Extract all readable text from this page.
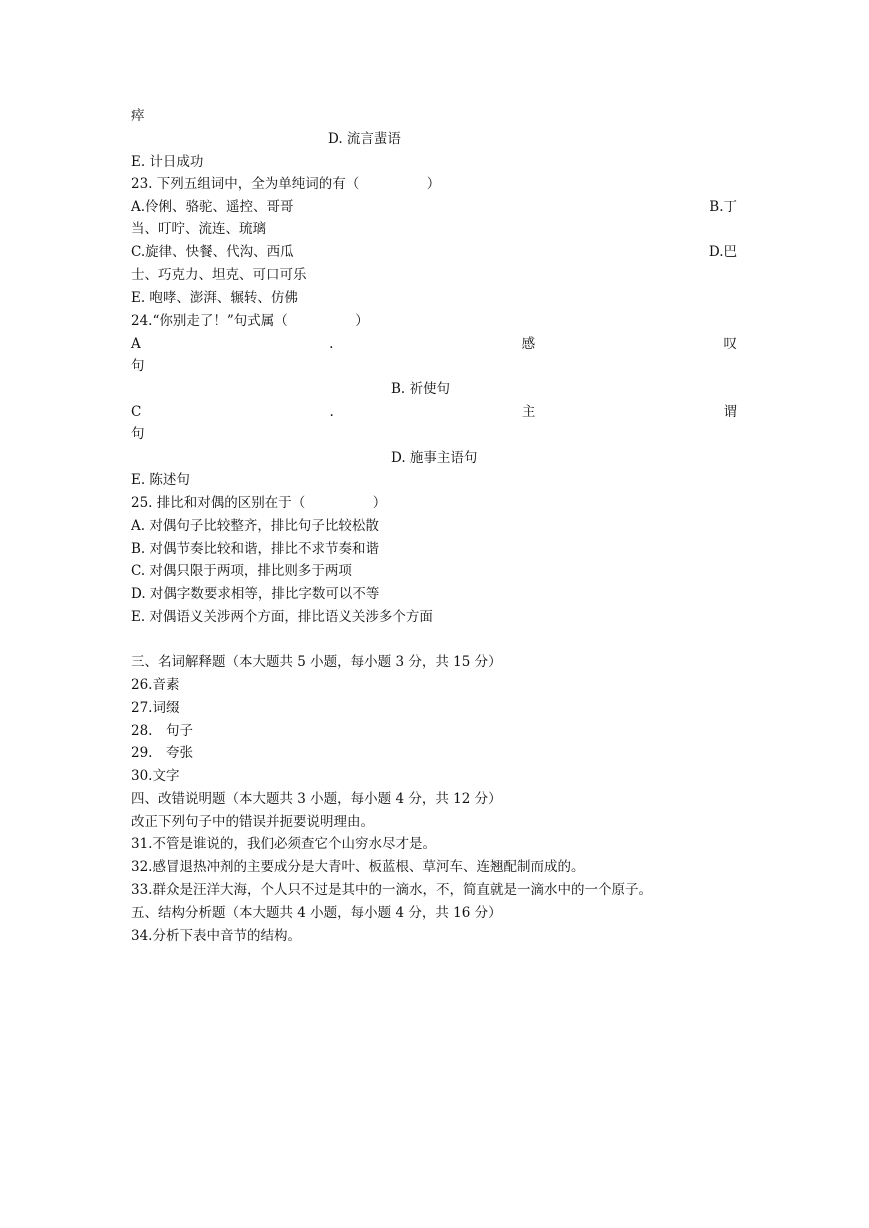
瘁
D. 流言蜚语
E. 计日成功
23. 下列五组词中，全为单纯词的有（　　　　　）
A.伶俐、骆驼、遥控、哥哥	B.丁
当、叮咛、流连、琉璃
C.旋律、快餐、代沟、西瓜	D.巴
士、巧克力、坦克、可口可乐
E. 咆哮、澎湃、辗转、仿佛
24.“你别走了！”句式属（　　　　　）
A	.	感	叹
句
B. 祈使句
C	.	主	谓
句
D. 施事主语句
E. 陈述句
25. 排比和对偶的区别在于（　　　　　）
A. 对偶句子比较整齐，排比句子比较松散
B. 对偶节奏比较和谐，排比不求节奏和谐
C. 对偶只限于两项，排比则多于两项
D. 对偶字数要求相等，排比字数可以不等
E. 对偶语义关涉两个方面，排比语义关涉多个方面
三、名词解释题（本大题共 5 小题，每小题 3 分，共 15 分）
26.音素
27.词缀
28.　句子
29.　夸张
30.文字
四、改错说明题（本大题共 3 小题，每小题 4 分，共 12 分）
改正下列句子中的错误并扼要说明理由。
31.不管是谁说的，我们必须查它个山穷水尽才是。
32.感冒退热冲剂的主要成分是大青叶、板蓝根、草河车、连翘配制而成的。
33.群众是汪洋大海，个人只不过是其中的一滴水，不，简直就是一滴水中的一个原子。
五、结构分析题（本大题共 4 小题，每小题 4 分，共 16 分）
34.分析下表中音节的结构。
